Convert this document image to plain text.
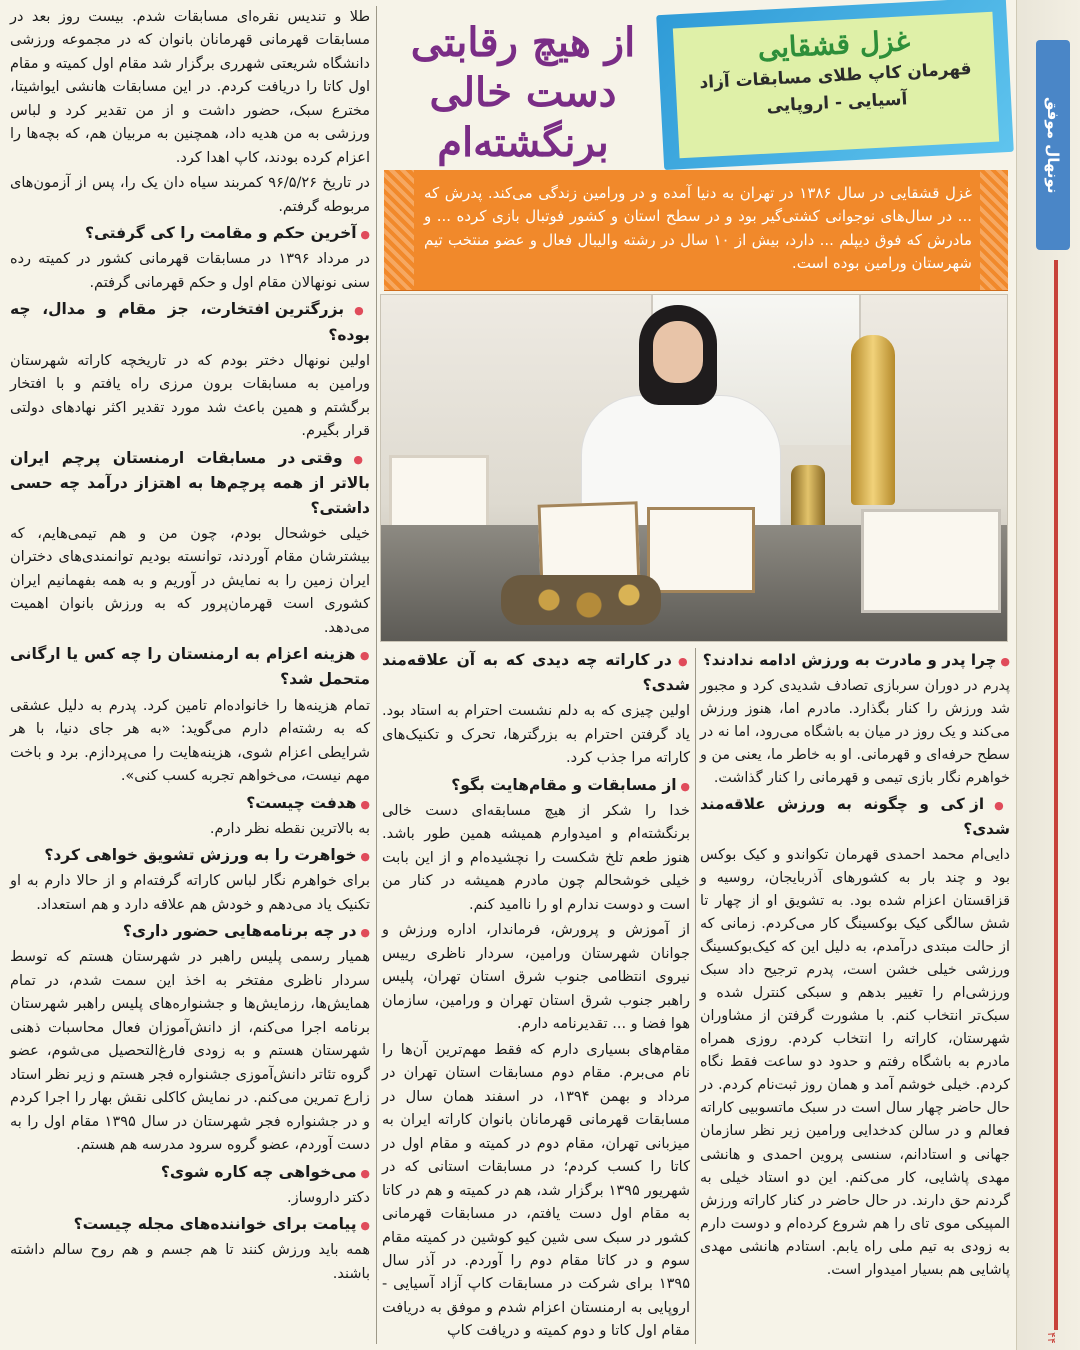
نونهال موفق
۴۴
غزل قشقایی
قهرمان کاپ طلای مسابقات آزاد
آسیایی - اروپایی
از هیچ رقابتی
دست خالی
برنگشته‌ام

غزل قشقایی در سال ۱۳۸۶ در تهران به دنیا آمده و در ورامین زندگی می‌کند. پدرش که ... در سال‌های نوجوانی کشتی‌گیر بود و در سطح استان و کشور فوتبال بازی کرده ... و مادرش که فوق دیپلم ... دارد، بیش از ۱۰ سال در رشته والیبال فعال و عضو منتخب تیم شهرستان ورامین بوده است.

طلا و تندیس نقره‌ای مسابقات شدم. بیست روز بعد در مسابقات قهرمانی قهرمانان بانوان که در مجموعه ورزشی دانشگاه شریعتی شهرری برگزار شد مقام اول کمیته و مقام اول کاتا را دریافت کردم. در این مسابقات هانشی ایواشیتا، مخترع سبک، حضور داشت و از من تقدیر کرد و لباس ورزشی به من هدیه داد، همچنین به مربیان هم، که بچه‌ها را اعزام کرده بودند، کاپ اهدا کرد.

در تاریخ ۹۶/۵/۲۶ کمربند سیاه دان یک را، پس از آزمون‌های مربوطه گرفتم.

● آخرین حکم و مقامت را کی گرفتی؟

در مرداد ۱۳۹۶ در مسابقات قهرمانی کشور در کمیته رده سنی نونهالان مقام اول و حکم قهرمانی گرفتم.

● بزرگترین افتخارت، جز مقام و مدال، چه بوده؟

اولین نونهال دختر بودم که در تاریخچه کاراته شهرستان ورامین به مسابقات برون مرزی راه یافتم و با افتخار برگشتم و همین باعث شد مورد تقدیر اکثر نهادهای دولتی قرار بگیرم.

● وقتی در مسابقات ارمنستان پرچم ایران بالاتر از همه پرچم‌ها به اهتزاز درآمد چه حسی داشتی؟

خیلی خوشحال بودم، چون من و هم تیمی‌هایم، که بیشترشان مقام آوردند، توانسته بودیم توانمندی‌های دختران ایران زمین را به نمایش در آوریم و به همه بفهمانیم ایران کشوری است قهرمان‌پرور که به ورزش بانوان اهمیت می‌دهد.

● هزینه اعزام به ارمنستان را چه کس یا ارگانی متحمل شد؟

تمام هزینه‌ها را خانواده‌ام تامین کرد. پدرم به دلیل عشقی که به رشته‌ام دارم می‌گوید: «به هر جای دنیا، با هر شرایطی اعزام شوی، هزینه‌هایت را می‌پردازم. برد و باخت مهم نیست، می‌خواهم تجربه کسب کنی».

● هدفت چیست؟

به بالاترین نقطه نظر دارم.

● خواهرت را به ورزش تشویق خواهی کرد؟

برای خواهرم نگار لباس کاراته گرفته‌ام و از حالا دارم به او تکنیک یاد می‌دهم و خودش هم علاقه دارد و هم استعداد.

● در چه برنامه‌هایی حضور داری؟

همیار رسمی پلیس راهبر در شهرستان هستم که توسط سردار ناظری مفتخر به اخذ این سمت شدم، در تمام همایش‌ها، رزمایش‌ها و جشنواره‌های پلیس راهبر شهرستان برنامه اجرا می‌کنم، از دانش‌آموزان فعال محاسبات ذهنی شهرستان هستم و به زودی فارغ‌التحصیل می‌شوم، عضو گروه تئاتر دانش‌آموزی جشنواره فجر هستم و زیر نظر استاد زارع تمرین می‌کنم. در نمایش کاکلی نقش بهار را اجرا کردم و در جشنواره فجر شهرستان در سال ۱۳۹۵ مقام اول را به دست آوردم، عضو گروه سرود مدرسه هم هستم.

● می‌خواهی چه کاره شوی؟

دکتر داروساز.

● پیامت برای خواننده‌های مجله چیست؟

همه باید ورزش کنند تا هم جسم و هم روح سالم داشته باشند.

● در کاراته چه دیدی که به آن علاقه‌مند شدی؟

اولین چیزی که به دلم نشست احترام به استاد بود. یاد گرفتن احترام به بزرگترها، تحرک و تکنیک‌های کاراته مرا جذب کرد.

● از مسابقات و مقام‌هایت بگو؟

خدا را شکر از هیچ مسابقه‌ای دست خالی برنگشته‌ام و امیدوارم همیشه همین طور باشد. هنوز طعم تلخ شکست را نچشیده‌ام و از این بابت خیلی خوشحالم چون مادرم همیشه در کنار من است و دوست ندارم او را ناامید کنم.

از آموزش و پرورش، فرماندار، اداره ورزش و جوانان شهرستان ورامین، سردار ناظری رییس نیروی انتظامی جنوب شرق استان تهران، پلیس راهبر جنوب شرق استان تهران و ورامین، سازمان هوا فضا و ... تقدیرنامه دارم.

مقام‌های بسیاری دارم که فقط مهم‌ترین آن‌ها را نام می‌برم. مقام دوم مسابقات استان تهران در مرداد و بهمن ۱۳۹۴، در اسفند همان سال در مسابقات قهرمانی قهرمانان بانوان کاراته ایران به میزبانی تهران، مقام دوم در کمیته و مقام اول در کاتا را کسب کردم؛ در مسابقات استانی که در شهریور ۱۳۹۵ برگزار شد، هم در کمیته و هم در کاتا به مقام اول دست یافتم، در مسابقات قهرمانی کشور در سبک سی شین کیو کوشین در کمیته مقام سوم و در کاتا مقام دوم را آوردم. در آذر سال ۱۳۹۵ برای شرکت در مسابقات کاپ آزاد آسیایی - اروپایی به ارمنستان اعزام شدم و موفق به دریافت مقام اول کاتا و دوم کمیته و دریافت کاپ

● چرا پدر و مادرت به ورزش ادامه ندادند؟

پدرم در دوران سربازی تصادف شدیدی کرد و مجبور شد ورزش را کنار بگذارد. مادرم اما، هنوز ورزش می‌کند و یک روز در میان به باشگاه می‌رود، اما نه در سطح حرفه‌ای و قهرمانی. او به خاطر ما، یعنی من و خواهرم نگار بازی تیمی و قهرمانی را کنار گذاشت.

● از کی و چگونه به ورزش علاقه‌مند شدی؟

دایی‌ام محمد احمدی قهرمان تکواندو و کیک بوکس بود و چند بار به کشورهای آذربایجان، روسیه و قزاقستان اعزام شده بود. به تشویق او از چهار تا شش سالگی کیک بوکسینگ کار می‌کردم. زمانی که از حالت مبتدی درآمدم، به دلیل این که کیک‌بوکسینگ ورزشی خیلی خشن است، پدرم ترجیح داد سبک ورزشی‌ام را تغییر بدهم و سبکی کنترل شده و سبک‌تر انتخاب کنم. با مشورت گرفتن از مشاوران شهرستان، کاراته را انتخاب کردم. روزی همراه مادرم به باشگاه رفتم و حدود دو ساعت فقط نگاه کردم. خیلی خوشم آمد و همان روز ثبت‌نام کردم. در حال حاضر چهار سال است در سبک ماتسوبیی کاراته فعالم و در سالن کدخدایی ورامین زیر نظر سازمان جهانی و استادانم، سنسی پروین احمدی و هانشی مهدی پاشایی، کار می‌کنم. این دو استاد خیلی به گردنم حق دارند. در حال حاضر در کنار کاراته ورزش المپیکی موی تای را هم شروع کرده‌ام و دوست دارم به زودی به تیم ملی راه یابم. استادم هانشی مهدی پاشایی هم بسیار امیدوار است.
